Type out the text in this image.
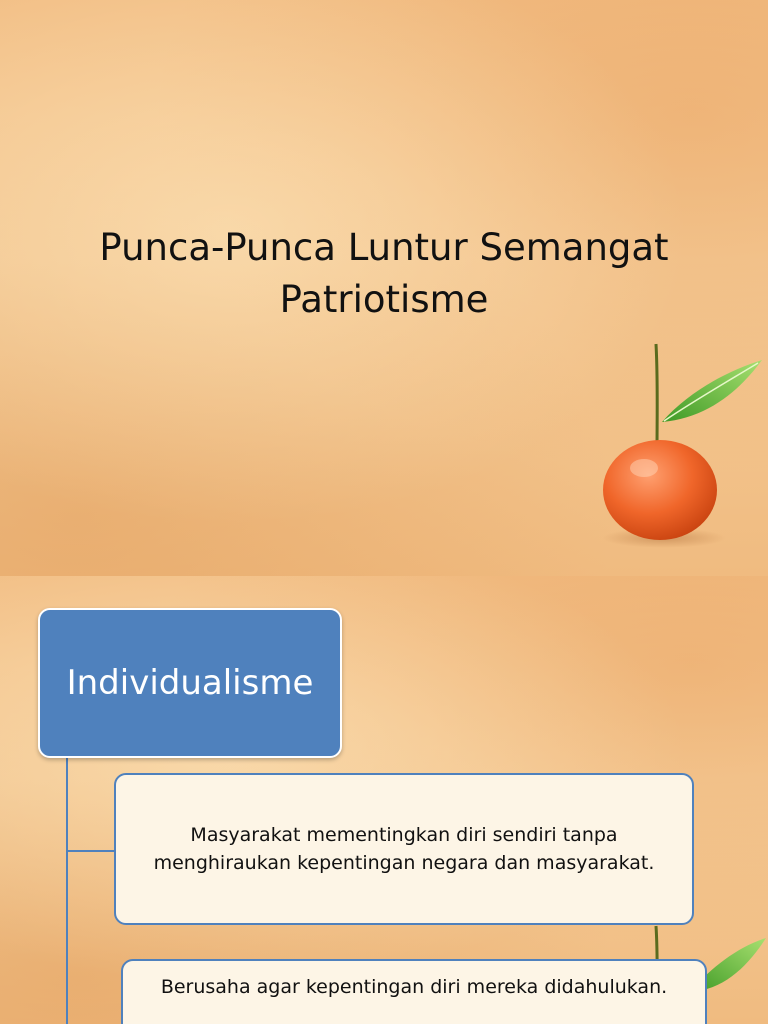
Punca-Punca Luntur Semangat
Patriotisme
Individualisme
Masyarakat mementingkan diri sendiri tanpa menghiraukan kepentingan negara dan masyarakat.
Berusaha agar kepentingan diri mereka didahulukan.
